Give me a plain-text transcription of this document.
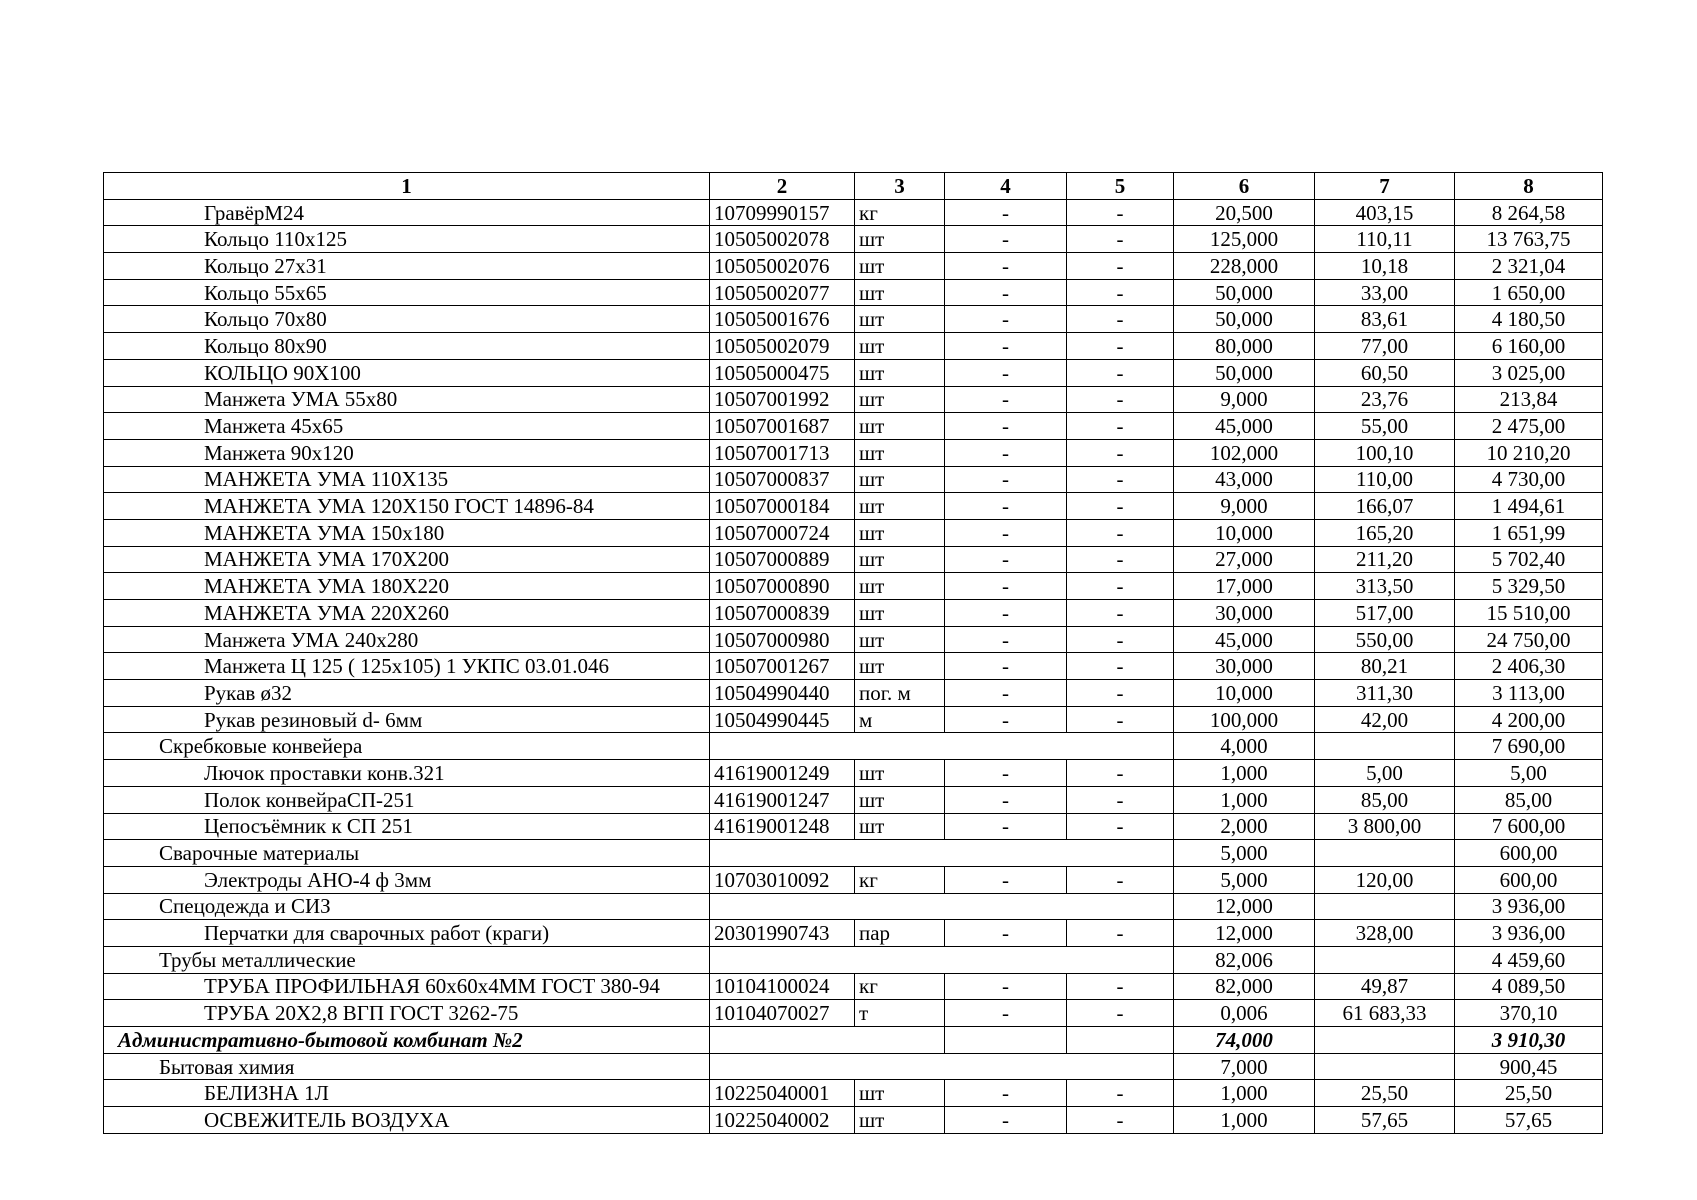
1	2	3	4	5	6	7	8
ГравёрМ24	10709990157	кг	-	-	20,500	403,15	8 264,58
Кольцо 110х125	10505002078	шт	-	-	125,000	110,11	13 763,75
Кольцо 27х31	10505002076	шт	-	-	228,000	10,18	2 321,04
Кольцо 55х65	10505002077	шт	-	-	50,000	33,00	1 650,00
Кольцо 70х80	10505001676	шт	-	-	50,000	83,61	4 180,50
Кольцо 80х90	10505002079	шт	-	-	80,000	77,00	6 160,00
КОЛЬЦО 90Х100	10505000475	шт	-	-	50,000	60,50	3 025,00
Манжета УМА 55х80	10507001992	шт	-	-	9,000	23,76	213,84
Манжета 45х65	10507001687	шт	-	-	45,000	55,00	2 475,00
Манжета 90х120	10507001713	шт	-	-	102,000	100,10	10 210,20
МАНЖЕТА УМА 110Х135	10507000837	шт	-	-	43,000	110,00	4 730,00
МАНЖЕТА УМА 120Х150 ГОСТ 14896-84	10507000184	шт	-	-	9,000	166,07	1 494,61
МАНЖЕТА УМА 150х180	10507000724	шт	-	-	10,000	165,20	1 651,99
МАНЖЕТА УМА 170Х200	10507000889	шт	-	-	27,000	211,20	5 702,40
МАНЖЕТА УМА 180Х220	10507000890	шт	-	-	17,000	313,50	5 329,50
МАНЖЕТА УМА 220Х260	10507000839	шт	-	-	30,000	517,00	15 510,00
Манжета УМА 240х280	10507000980	шт	-	-	45,000	550,00	24 750,00
Манжета Ц 125 ( 125х105) 1 УКПС 03.01.046	10507001267	шт	-	-	30,000	80,21	2 406,30
Рукав ø32	10504990440	пог. м	-	-	10,000	311,30	3 113,00
Рукав резиновый d- 6мм	10504990445	м	-	-	100,000	42,00	4 200,00
Скребковые конвейера					4,000		7 690,00
Лючок проставки конв.321	41619001249	шт	-	-	1,000	5,00	5,00
Полок конвейраСП-251	41619001247	шт	-	-	1,000	85,00	85,00
Цепосъёмник к СП 251	41619001248	шт	-	-	2,000	3 800,00	7 600,00
Сварочные материалы					5,000		600,00
Электроды АНО-4 ф 3мм	10703010092	кг	-	-	5,000	120,00	600,00
Спецодежда и СИЗ					12,000		3 936,00
Перчатки для сварочных работ (краги)	20301990743	пар	-	-	12,000	328,00	3 936,00
Трубы металлические					82,006		4 459,60
ТРУБА ПРОФИЛЬНАЯ 60х60х4ММ ГОСТ 380-94	10104100024	кг	-	-	82,000	49,87	4 089,50
ТРУБА 20Х2,8 ВГП ГОСТ 3262-75	10104070027	т	-	-	0,006	61 683,33	370,10
Административно-бытовой комбинат №2					74,000		3 910,30
Бытовая химия					7,000		900,45
БЕЛИЗНА 1Л	10225040001	шт	-	-	1,000	25,50	25,50
ОСВЕЖИТЕЛЬ ВОЗДУХА	10225040002	шт	-	-	1,000	57,65	57,65
